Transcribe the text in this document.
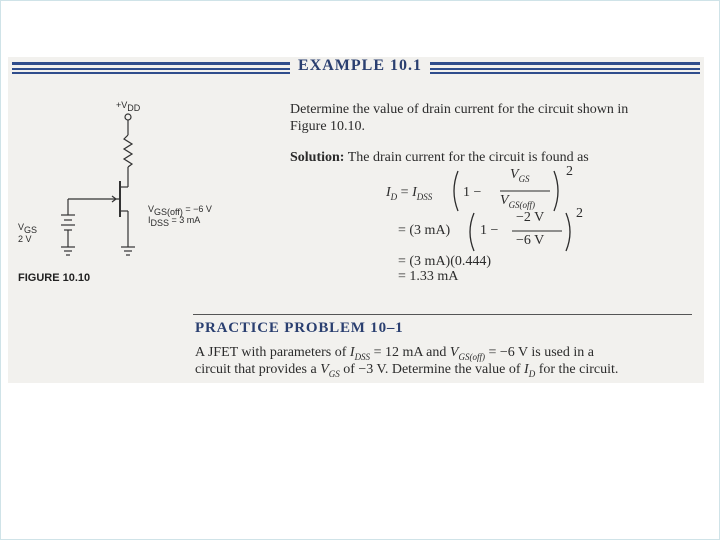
EXAMPLE 10.1
Determine the value of drain current for the circuit shown in
Figure 10.10.
Solution: The drain current for the circuit is found as
$I_D = I_{DSS}$ 1 −
$V_{GS}$
$V_{GS(off)}$
2
= (3 mA) 1 −
−2 V
−6 V
2
= (3 mA)(0.444)
= 1.33 mA
$+V_{DD}$
$V_{GS(off)} = -6$ V
$I_{DSS} = 3$ mA
$V_{GS}$
2 V
FIGURE 10.10
PRACTICE PROBLEM 10–1
A JFET with parameters of $I_{DSS} = 12$ mA and $V_{GS(off)} = -6$ V is used in a
circuit that provides a $V_{GS}$ of −3 V. Determine the value of $I_D$ for the circuit.
